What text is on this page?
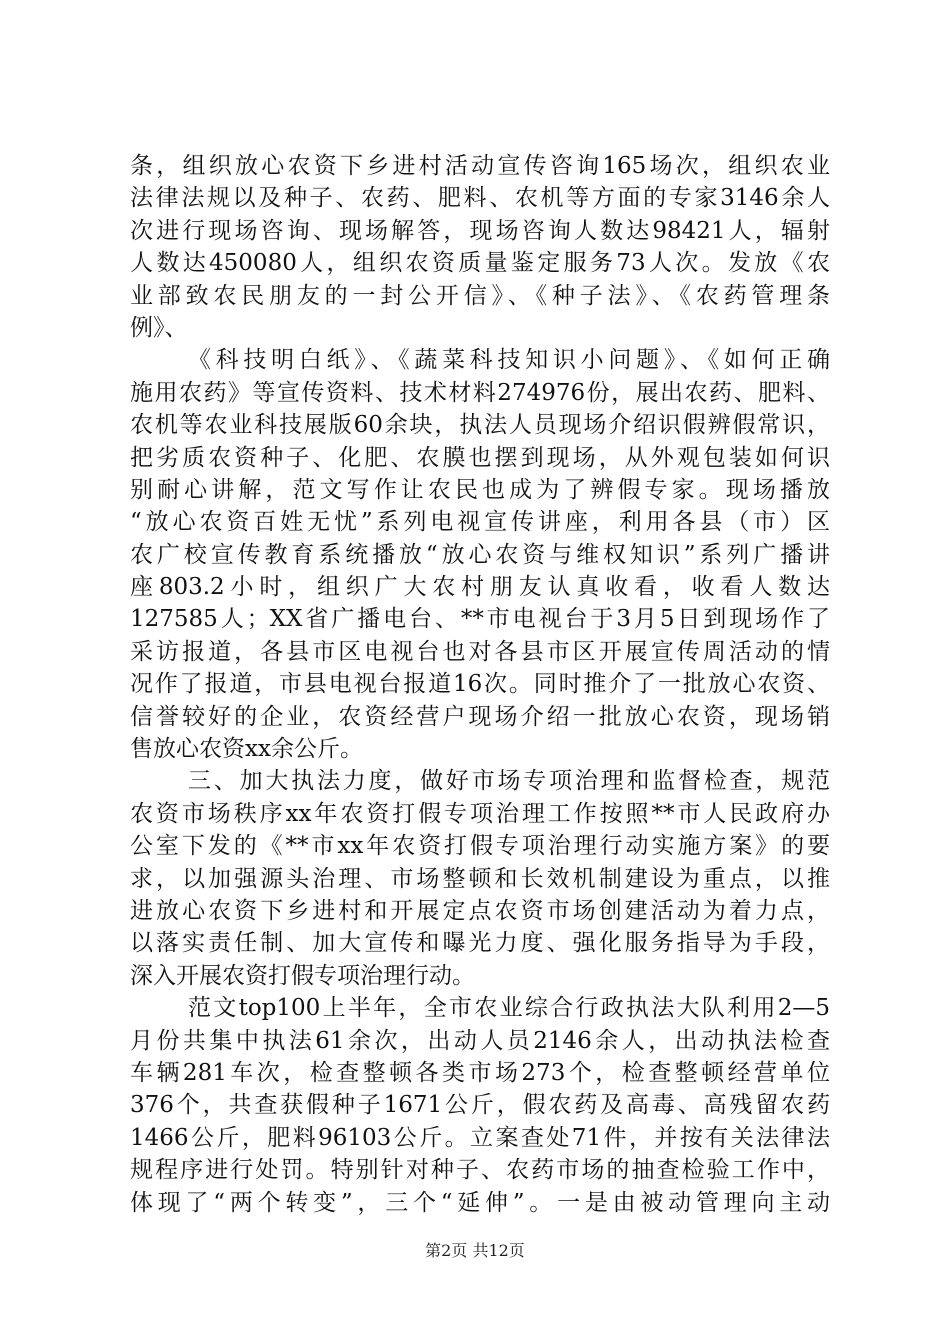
条，组织放心农资下乡进村活动宣传咨询165场次，组织农业
法律法规以及种子、农药、肥料、农机等方面的专家3146余人
次进行现场咨询、现场解答，现场咨询人数达98421人，辐射
人数达450080人，组织农资质量鉴定服务73人次。发放《农
业部致农民朋友的一封公开信》、《种子法》、《农药管理条
例》、
《科技明白纸》、《蔬菜科技知识小问题》、《如何正确
施用农药》等宣传资料、技术材料274976份，展出农药、肥料、
农机等农业科技展版60余块，执法人员现场介绍识假辨假常识，
把劣质农资种子、化肥、农膜也摆到现场，从外观包装如何识
别耐心讲解，范文写作让农民也成为了辨假专家。现场播放
“放心农资百姓无忧”系列电视宣传讲座，利用各县（市）区
农广校宣传教育系统播放“放心农资与维权知识”系列广播讲
座803.2小时，组织广大农村朋友认真收看，收看人数达
127585人；XX省广播电台、**市电视台于3月5日到现场作了
采访报道，各县市区电视台也对各县市区开展宣传周活动的情
况作了报道，市县电视台报道16次。同时推介了一批放心农资、
信誉较好的企业，农资经营户现场介绍一批放心农资，现场销
售放心农资xx余公斤。
三、加大执法力度，做好市场专项治理和监督检查，规范
农资市场秩序xx年农资打假专项治理工作按照**市人民政府办
公室下发的《**市xx年农资打假专项治理行动实施方案》的要
求，以加强源头治理、市场整顿和长效机制建设为重点，以推
进放心农资下乡进村和开展定点农资市场创建活动为着力点，
以落实责任制、加大宣传和曝光力度、强化服务指导为手段，
深入开展农资打假专项治理行动。
范文top100上半年，全市农业综合行政执法大队利用2—5
月份共集中执法61余次，出动人员2146余人，出动执法检查
车辆281车次，检查整顿各类市场273个，检查整顿经营单位
376个，共查获假种子1671公斤，假农药及高毒、高残留农药
1466公斤，肥料96103公斤。立案查处71件，并按有关法律法
规程序进行处罚。特别针对种子、农药市场的抽查检验工作中，
体现了“两个转变”，三个“延伸”。一是由被动管理向主动
第2页 共12页
